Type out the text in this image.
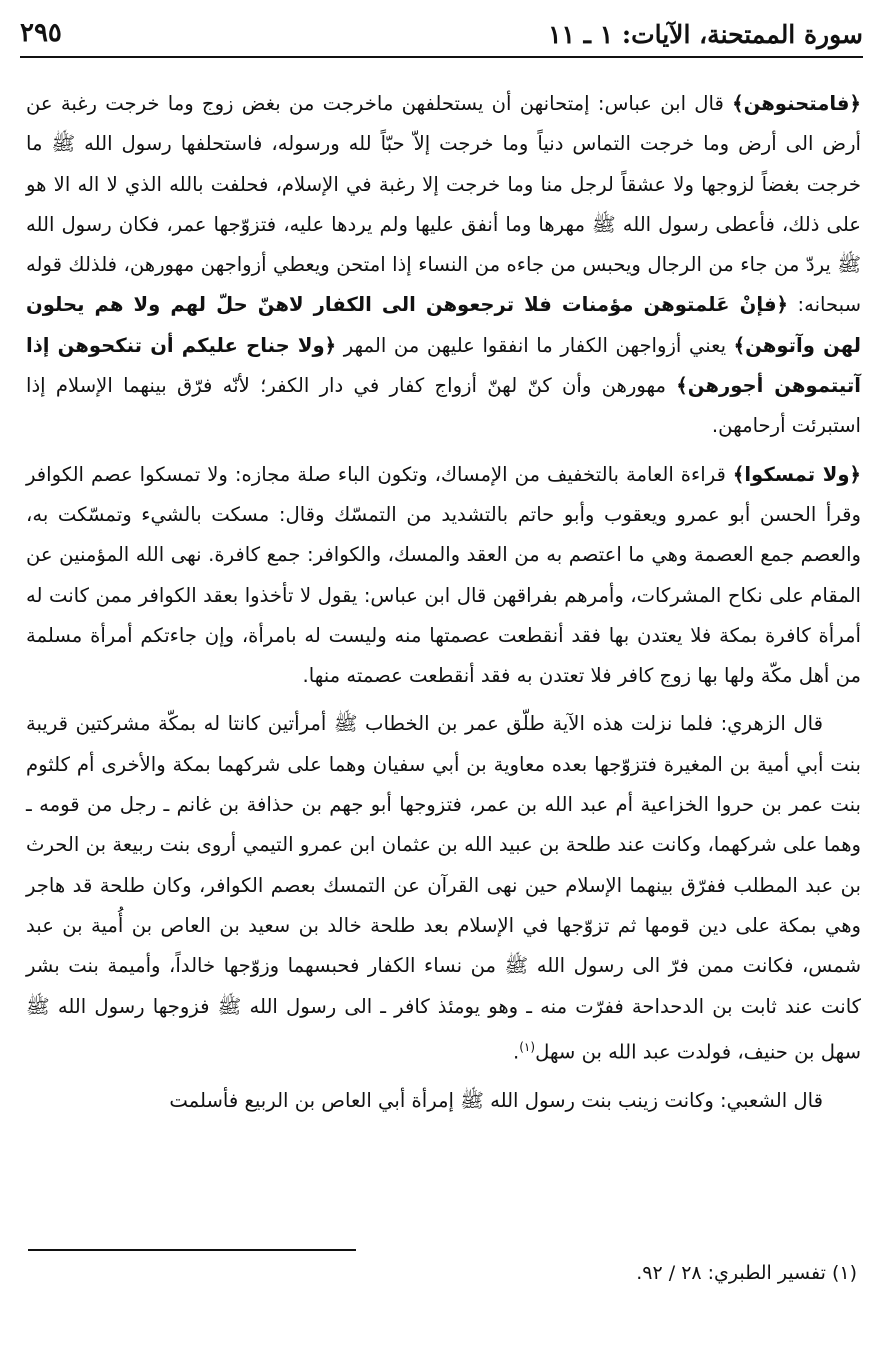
سورة الممتحنة، الآيات: ١ ـ ١١
٢٩٥

﴿فامتحنوهن﴾ قال ابن عباس: إمتحانهن أن يستحلفهن ماخرجت من بغض زوج وما خرجت رغبة عن أرض الى أرض وما خرجت التماس دنياً وما خرجت إلاّ حبّاً لله ورسوله، فاستحلفها رسول الله ﷺ ما خرجت بغضاً لزوجها ولا عشقاً لرجل منا وما خرجت إلا رغبة في الإسلام، فحلفت بالله الذي لا اله الا هو على ذلك، فأعطى رسول الله ﷺ مهرها وما أنفق عليها ولم يردها عليه، فتزوّجها عمر، فكان رسول الله ﷺ يردّ من جاء من الرجال ويحبس من جاءه من النساء إذا امتحن ويعطي أزواجهن مهورهن، فلذلك قوله سبحانه: ﴿فإنْ عَلمتوهن مؤمنات فلا ترجعوهن الى الكفار لاهنّ حلّ لهم ولا هم يحلون لهن وآتوهن﴾ يعني أزواجهن الكفار ما انفقوا عليهن من المهر ﴿ولا جناح عليكم أن تنكحوهن إذا آتيتموهن أجورهن﴾ مهورهن وأن كنّ لهنّ أزواج كفار في دار الكفر؛ لأنّه فرّق بينهما الإسلام إذا استبرئت أرحامهن.

﴿ولا تمسكوا﴾ قراءة العامة بالتخفيف من الإمساك، وتكون الباء صلة مجازه: ولا تمسكوا عصم الكوافر وقرأ الحسن أبو عمرو ويعقوب وأبو حاتم بالتشديد من التمسّك وقال: مسكت بالشيء وتمسّكت به، والعصم جمع العصمة وهي ما اعتصم به من العقد والمسك، والكوافر: جمع كافرة. نهى الله المؤمنين عن المقام على نكاح المشركات، وأمرهم بفراقهن قال ابن عباس: يقول لا تأخذوا بعقد الكوافر ممن كانت له أمرأة كافرة بمكة فلا يعتدن بها فقد أنقطعت عصمتها منه وليست له بامرأة، وإن جاءتكم أمرأة مسلمة من أهل مكّة ولها بها زوج كافر فلا تعتدن به فقد أنقطعت عصمته منها.

قال الزهري: فلما نزلت هذه الآية طلّق عمر بن الخطاب ﷺ أمرأتين كانتا له بمكّة مشركتين قريبة بنت أبي أمية بن المغيرة فتزوّجها بعده معاوية بن أبي سفيان وهما على شركهما بمكة والأخرى أم كلثوم بنت عمر بن حروا الخزاعية أم عبد الله بن عمر، فتزوجها أبو جهم بن حذافة بن غانم ـ رجل من قومه ـ وهما على شركهما، وكانت عند طلحة بن عبيد الله بن عثمان ابن عمرو التيمي أروى بنت ربيعة بن الحرث بن عبد المطلب ففرّق بينهما الإسلام حين نهى القرآن عن التمسك بعصم الكوافر، وكان طلحة قد هاجر وهي بمكة على دين قومها ثم تزوّجها في الإسلام بعد طلحة خالد بن سعيد بن العاص بن أُمية بن عبد شمس، فكانت ممن فرّ الى رسول الله ﷺ من نساء الكفار فحبسهما وزوّجها خالداً، وأميمة بنت بشر كانت عند ثابت بن الدحداحة ففرّت منه ـ وهو يومئذ كافر ـ الى رسول الله ﷺ فزوجها رسول الله ﷺ سهل بن حنيف، فولدت عبد الله بن سهل$^{(١)}$.

قال الشعبي: وكانت زينب بنت رسول الله ﷺ إمرأة أبي العاص بن الربيع فأسلمت

(١) تفسير الطبري: ٢٨ / ٩٢.
